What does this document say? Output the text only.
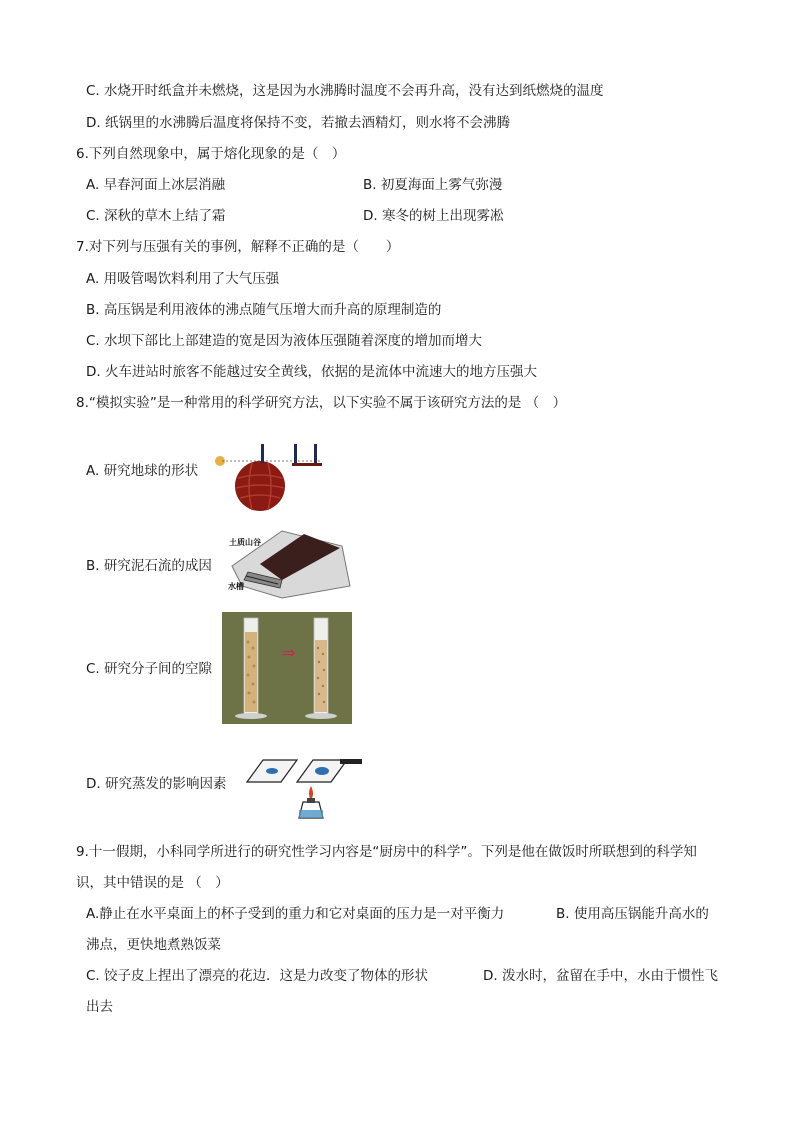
C. 水烧开时纸盒并未燃烧，这是因为水沸腾时温度不会再升高，没有达到纸燃烧的温度
D. 纸锅里的水沸腾后温度将保持不变，若撤去酒精灯，则水将不会沸腾
6.下列自然现象中，属于熔化现象的是（　）
A. 早春河面上冰层消融	B. 初夏海面上雾气弥漫
C. 深秋的草木上结了霜	D. 寒冬的树上出现雾凇
7.对下列与压强有关的事例，解释不正确的是（　　）
A. 用吸管喝饮料利用了大气压强
B. 高压锅是利用液体的沸点随气压增大而升高的原理制造的
C. 水坝下部比上部建造的宽是因为液体压强随着深度的增加而增大
D. 火车进站时旅客不能越过安全黄线，依据的是流体中流速大的地方压强大
8.“模拟实验”是一种常用的科学研究方法，以下实验不属于该研究方法的是 （　）
A. 研究地球的形状
B. 研究泥石流的成因
土质山谷
水槽
C. 研究分子间的空隙
⇒
D. 研究蒸发的影响因素
9.十一假期，小科同学所进行的研究性学习内容是“厨房中的科学”。下列是他在做饭时所联想到的科学知
识，其中错误的是 （　）
A.静止在水平桌面上的杯子受到的重力和它对桌面的压力是一对平衡力	B. 使用高压锅能升高水的
沸点，更快地煮熟饭菜
C. 饺子皮上捏出了漂亮的花边．这是力改变了物体的形状	D. 泼水时，盆留在手中，水由于惯性飞
出去
